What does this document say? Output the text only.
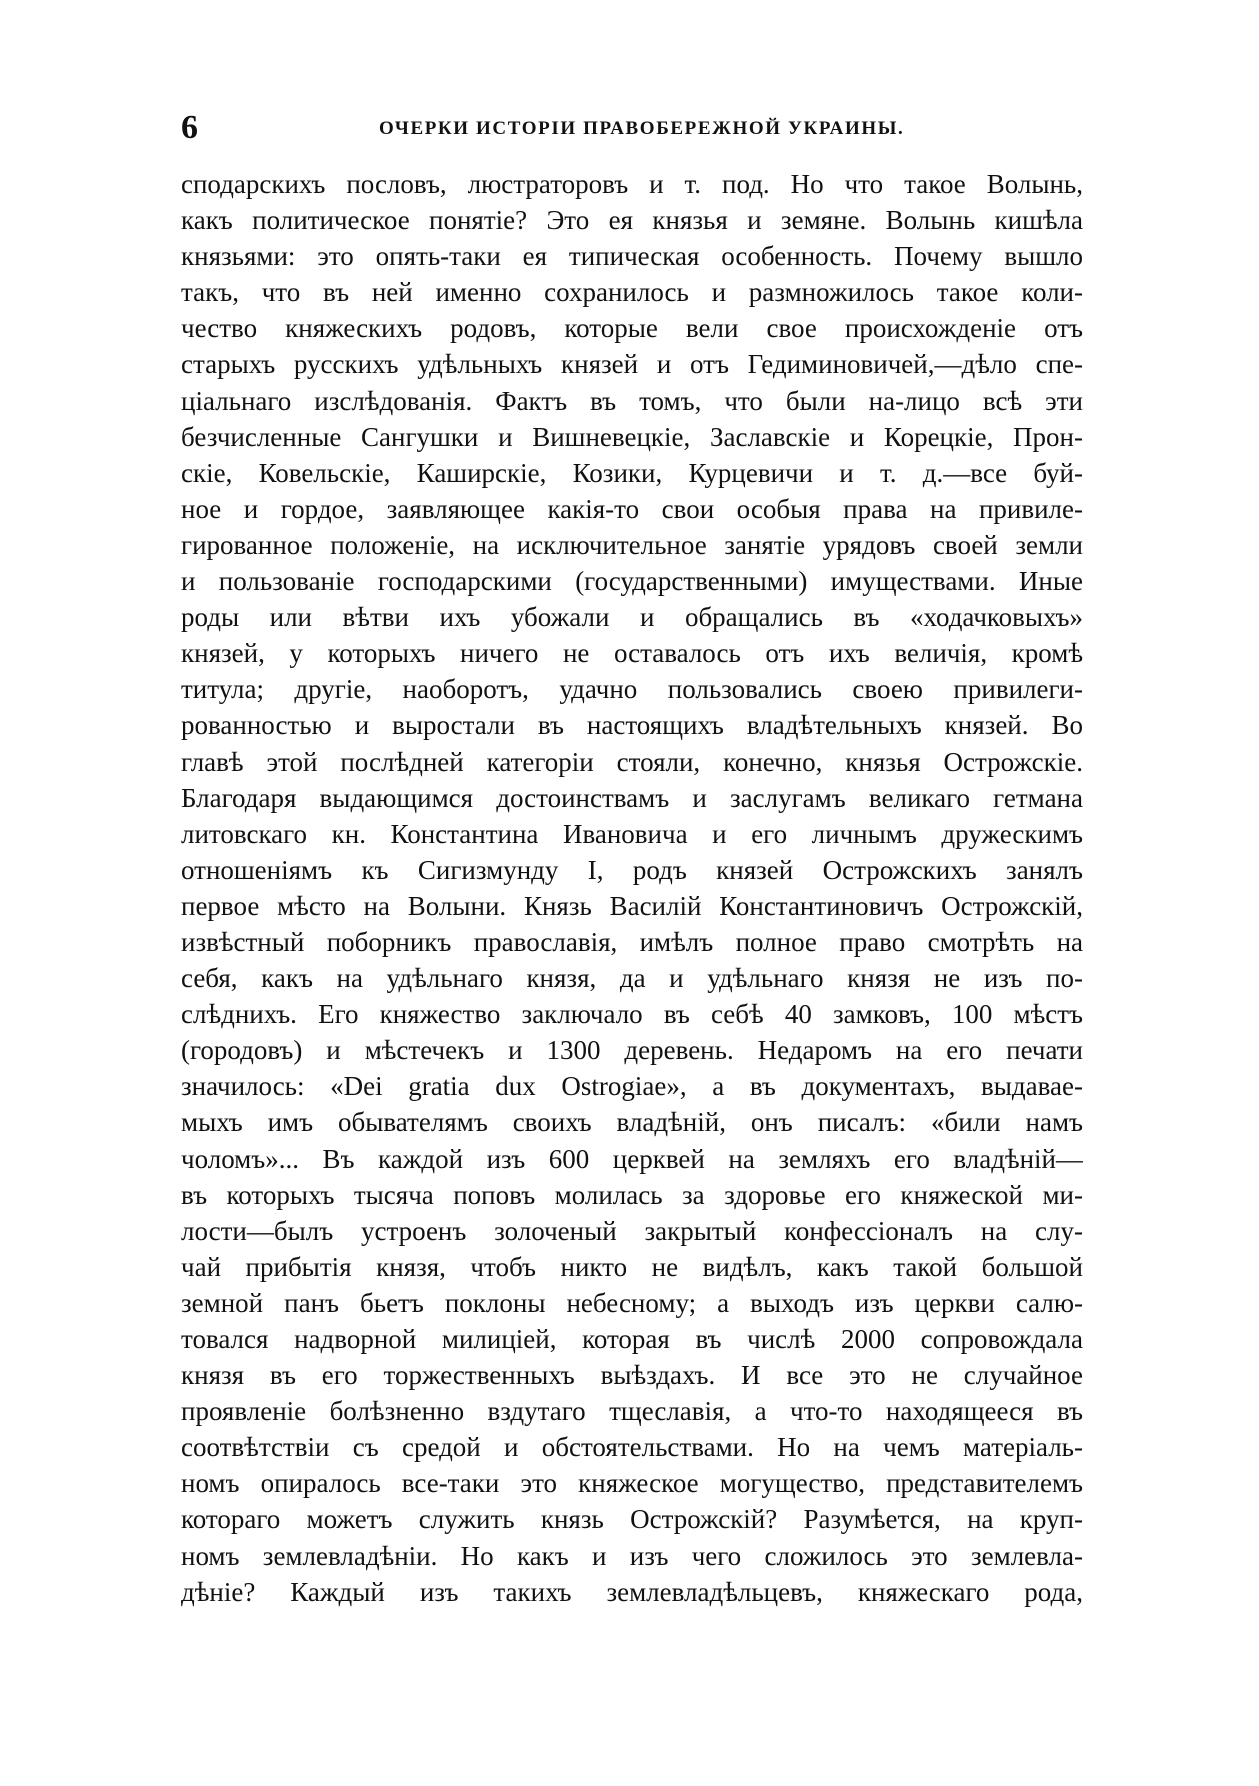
6	ОЧЕРКИ ИСТОРІИ ПРАВОБЕРЕЖНОЙ УКРАИНЫ.
сподарскихъ пословъ, люстраторовъ и т. под. Но что такое Волынь,
какъ политическое понятіе? Это ея князья и земяне. Волынь кишѣла
князьями: это опять-таки ея типическая особенность. Почему вышло
такъ, что въ ней именно сохранилось и размножилось такое коли-
чество княжескихъ родовъ, которые вели свое происхожденіе отъ
старыхъ русскихъ удѣльныхъ князей и отъ Гедиминовичей,—дѣло спе-
ціальнаго изслѣдованія. Фактъ въ томъ, что были на-лицо всѣ эти
безчисленные Сангушки и Вишневецкіе, Заславскіе и Корецкіе, Прон-
скіе, Ковельскіе, Каширскіе, Козики, Курцевичи и т. д.—все буй-
ное и гордое, заявляющее какія-то свои особыя права на привиле-
гированное положеніе, на исключительное занятіе урядовъ своей земли
и пользованіе господарскими (государственными) имуществами. Иные
роды или вѣтви ихъ убожали и обращались въ «ходачковыхъ»
князей, у которыхъ ничего не оставалось отъ ихъ величія, кромѣ
титула; другіе, наоборотъ, удачно пользовались своею привилеги-
рованностью и выростали въ настоящихъ владѣтельныхъ князей. Во
главѣ этой послѣдней категоріи стояли, конечно, князья Острожскіе.
Благодаря выдающимся достоинствамъ и заслугамъ великаго гетмана
литовскаго кн. Константина Ивановича и его личнымъ дружескимъ
отношеніямъ къ Сигизмунду I, родъ князей Острожскихъ занялъ
первое мѣсто на Волыни. Князь Василій Константиновичъ Острожскій,
извѣстный поборникъ православія, имѣлъ полное право смотрѣть на
себя, какъ на удѣльнаго князя, да и удѣльнаго князя не изъ по-
слѣднихъ. Его княжество заключало въ себѣ 40 замковъ, 100 мѣстъ
(городовъ) и мѣстечекъ и 1300 деревень. Недаромъ на его печати
значилось: «Dei gratia dux Ostrogiae», а въ документахъ, выдавае-
мыхъ имъ обывателямъ своихъ владѣній, онъ писалъ: «били намъ
чоломъ»... Въ каждой изъ 600 церквей на земляхъ его владѣній—
въ которыхъ тысяча поповъ молилась за здоровье его княжеской ми-
лости—былъ устроенъ золоченый закрытый конфессіоналъ на слу-
чай прибытія князя, чтобъ никто не видѣлъ, какъ такой большой
земной панъ бьетъ поклоны небесному; а выходъ изъ церкви салю-
товался надворной милиціей, которая въ числѣ 2000 сопровождала
князя въ его торжественныхъ выѣздахъ. И все это не случайное
проявленіе болѣзненно вздутаго тщеславія, а что-то находящееся въ
соотвѣтствіи съ средой и обстоятельствами. Но на чемъ матеріаль-
номъ опиралось все-таки это княжеское могущество, представителемъ
котораго можетъ служить князь Острожскій? Разумѣется, на круп-
номъ землевладѣніи. Но какъ и изъ чего сложилось это землевла-
дѣніе? Каждый изъ такихъ землевладѣльцевъ, княжескаго рода,
